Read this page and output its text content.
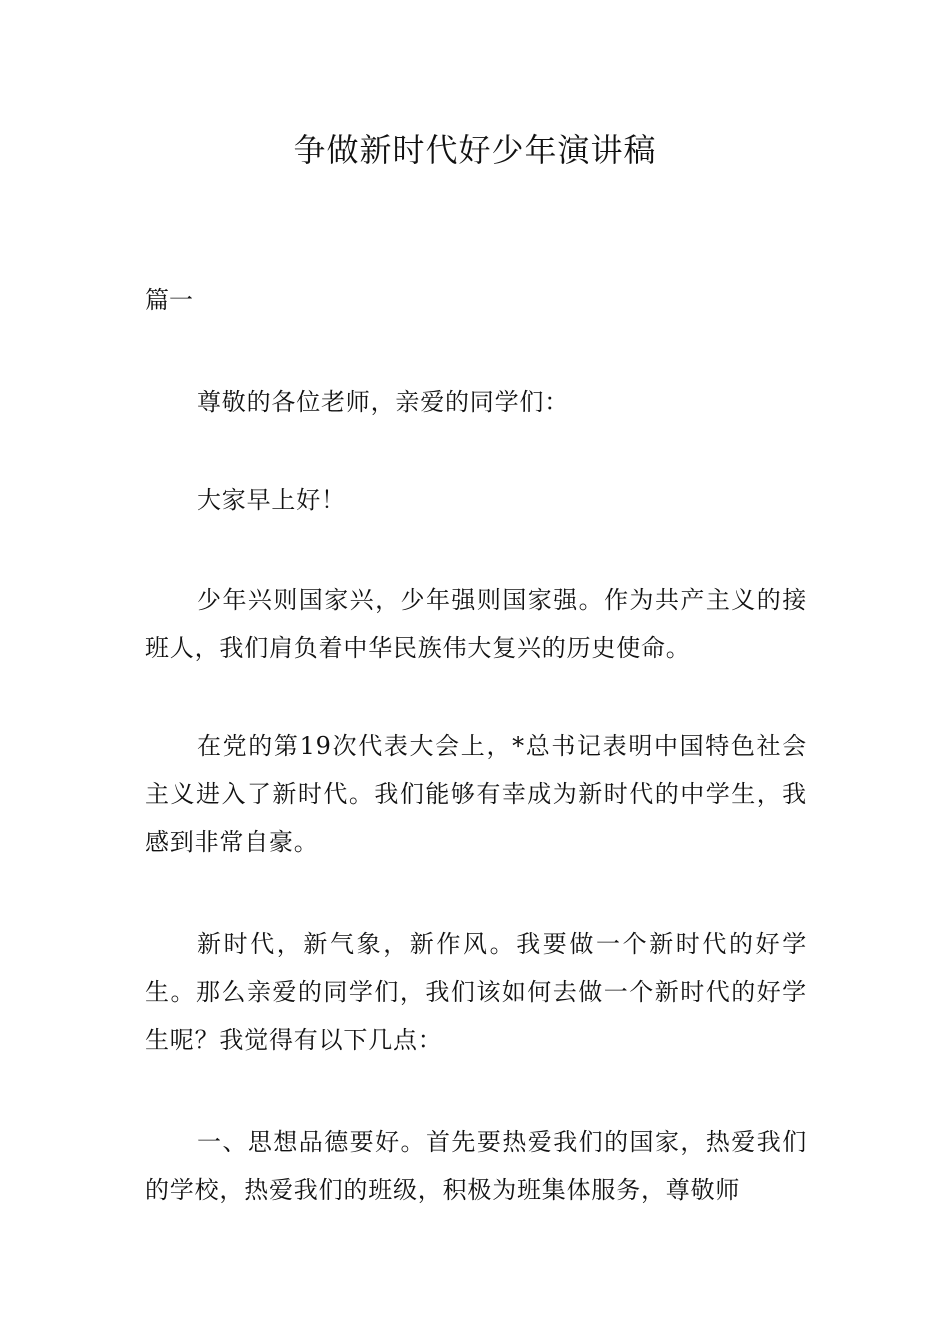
争做新时代好少年演讲稿
篇一

尊敬的各位老师，亲爱的同学们：

大家早上好！

少年兴则国家兴，少年强则国家强。作为共产主义的接班人，我们肩负着中华民族伟大复兴的历史使命。

在党的第19次代表大会上，*总书记表明中国特色社会主义进入了新时代。我们能够有幸成为新时代的中学生，我感到非常自豪。

新时代，新气象，新作风。我要做一个新时代的好学生。那么亲爱的同学们，我们该如何去做一个新时代的好学生呢？我觉得有以下几点：

一、思想品德要好。首先要热爱我们的国家，热爱我们的学校，热爱我们的班级，积极为班集体服务，尊敬师
